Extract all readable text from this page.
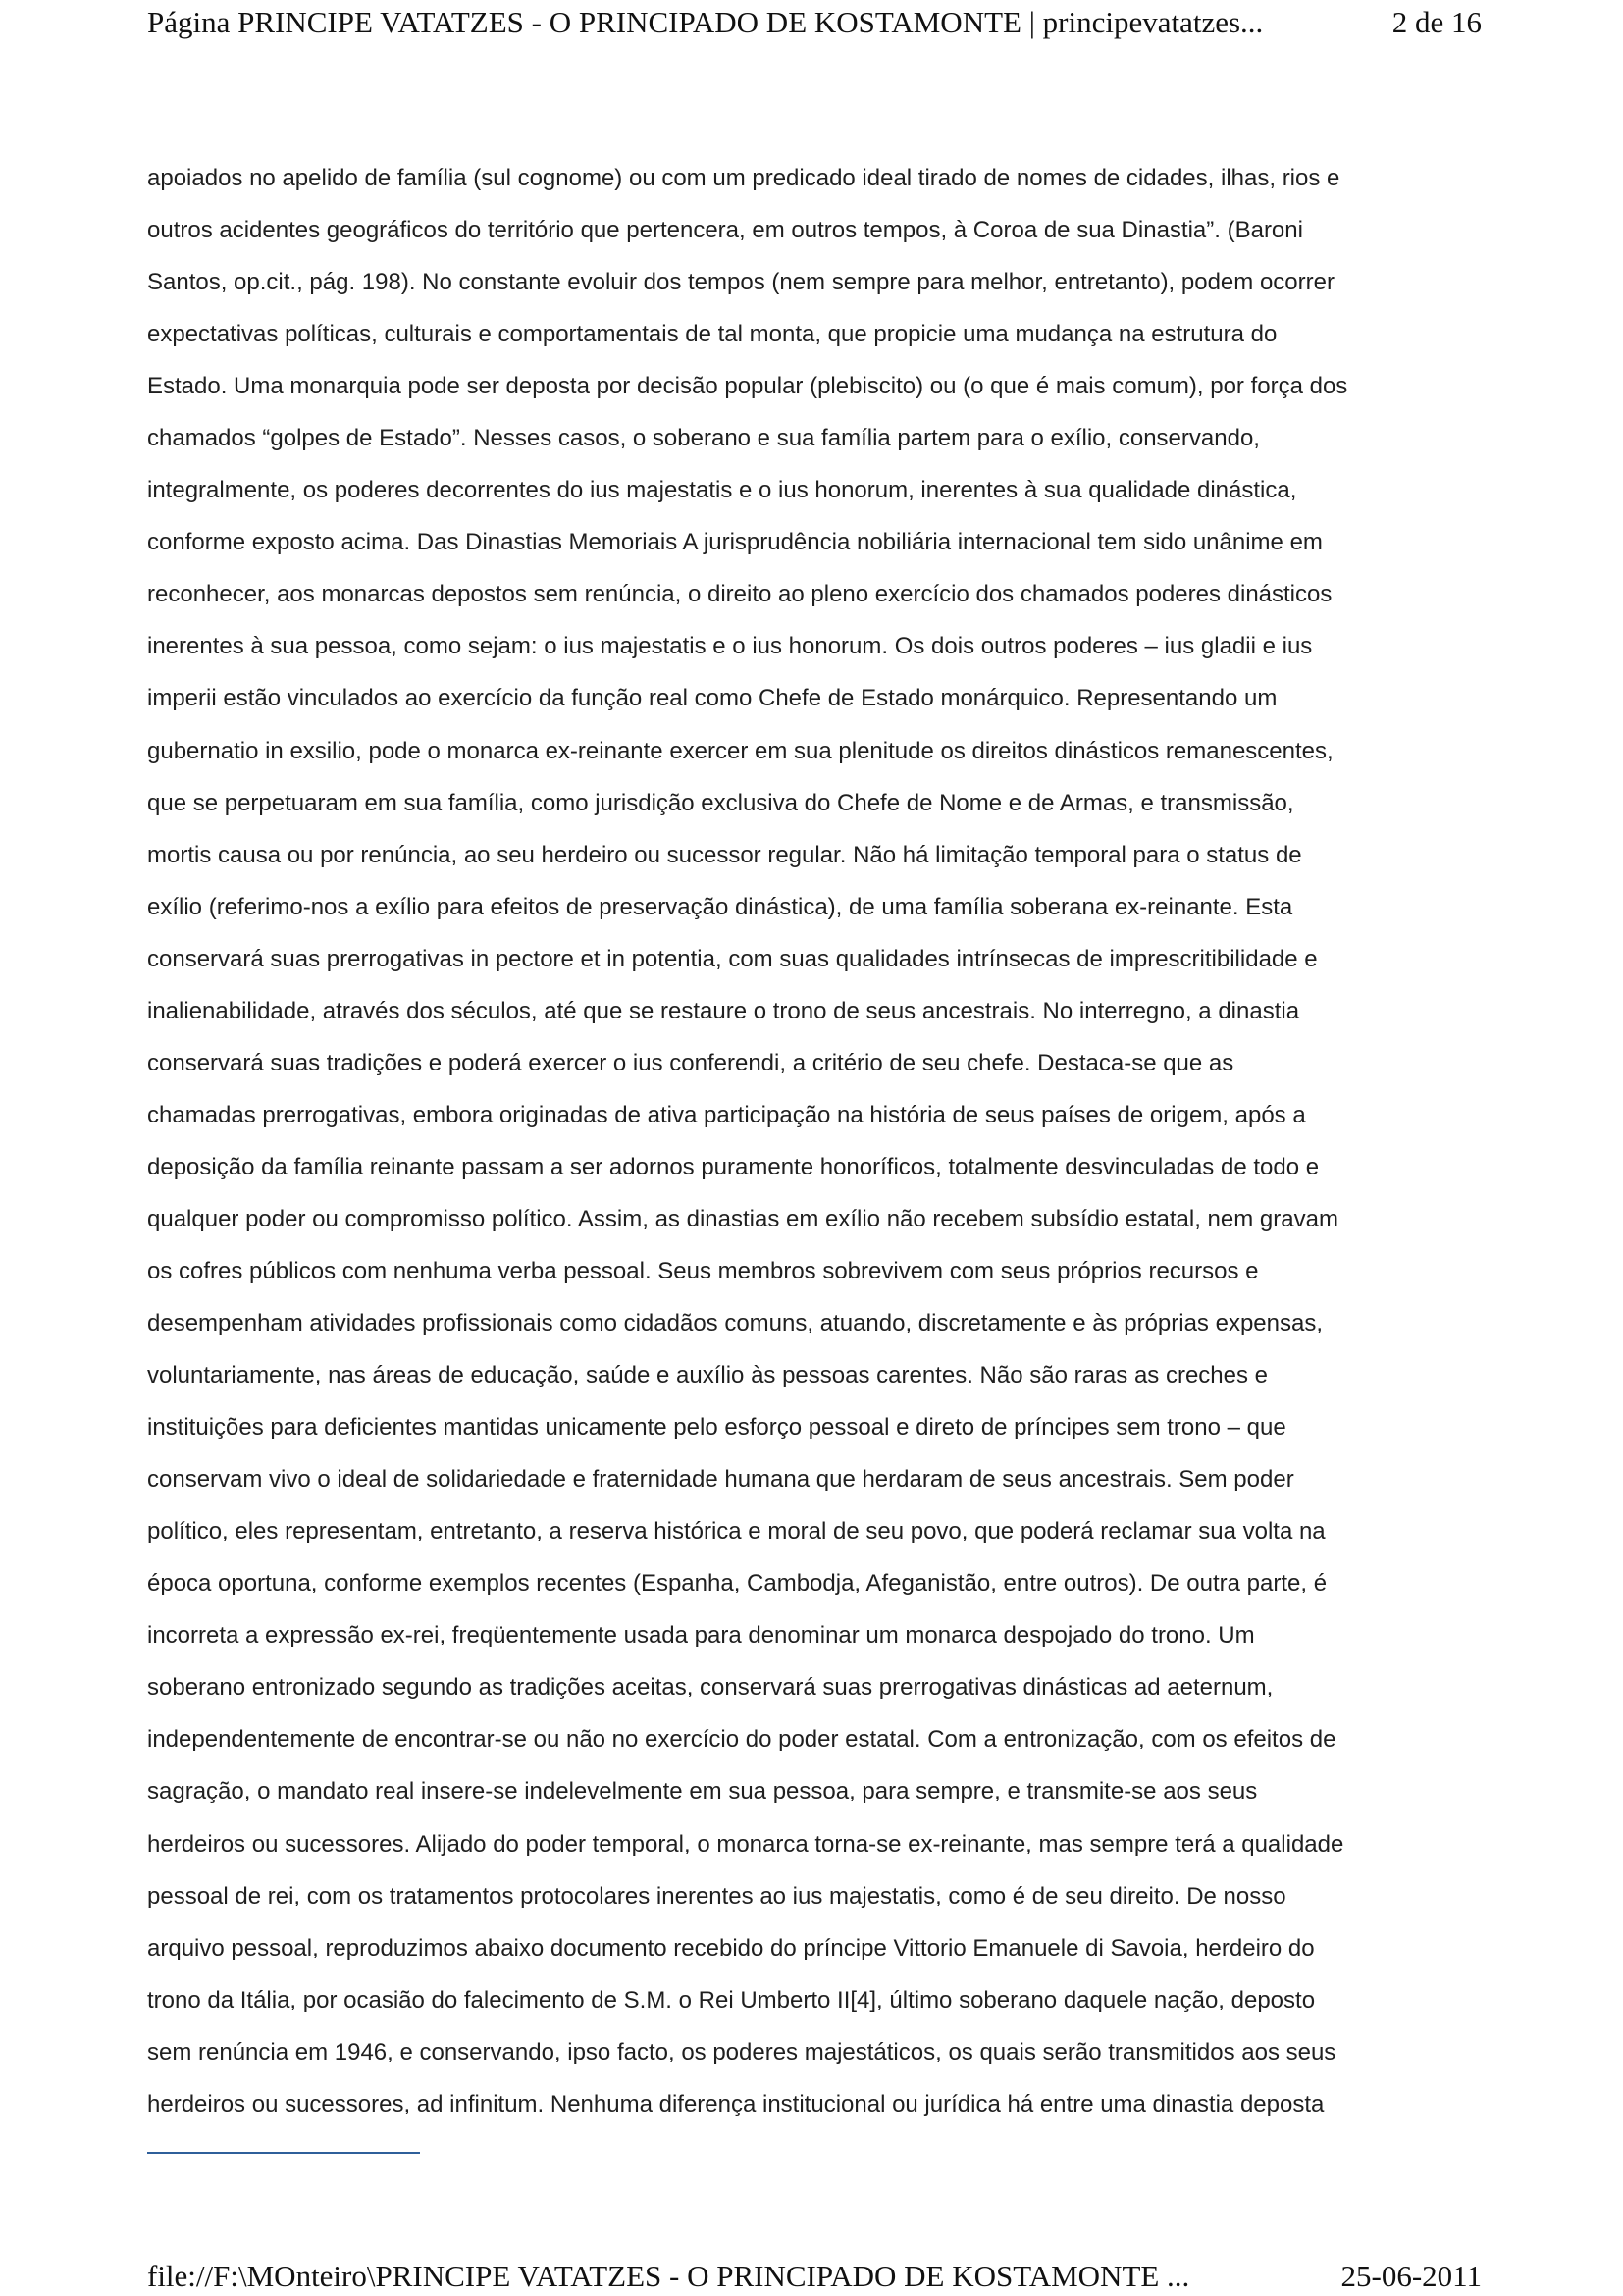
Página PRINCIPE VATATZES - O PRINCIPADO DE KOSTAMONTE | principevatatzes...	2 de 16
apoiados no apelido de família (sul cognome) ou com um predicado ideal tirado de nomes de cidades, ilhas, rios e
outros acidentes geográficos do território que pertencera, em outros tempos, à Coroa de sua Dinastia”. (Baroni
Santos, op.cit., pág. 198). No constante evoluir dos tempos (nem sempre para melhor, entretanto), podem ocorrer
expectativas políticas, culturais e comportamentais de tal monta, que propicie uma mudança na estrutura do
Estado. Uma monarquia pode ser deposta por decisão popular (plebiscito) ou (o que é mais comum), por força dos
chamados “golpes de Estado”. Nesses casos, o soberano e sua família partem para o exílio, conservando,
integralmente, os poderes decorrentes do ius majestatis e o ius honorum, inerentes à sua qualidade dinástica,
conforme exposto acima. Das Dinastias Memoriais A jurisprudência nobiliária internacional tem sido unânime em
reconhecer, aos monarcas depostos sem renúncia, o direito ao pleno exercício dos chamados poderes dinásticos
inerentes à sua pessoa, como sejam: o ius majestatis e o ius honorum. Os dois outros poderes – ius gladii e ius
imperii estão vinculados ao exercício da função real como Chefe de Estado monárquico. Representando um
gubernatio in exsilio, pode o monarca ex-reinante exercer em sua plenitude os direitos dinásticos remanescentes,
que se perpetuaram em sua família, como jurisdição exclusiva do Chefe de Nome e de Armas, e transmissão,
mortis causa ou por renúncia, ao seu herdeiro ou sucessor regular. Não há limitação temporal para o status de
exílio (referimo-nos a exílio para efeitos de preservação dinástica), de uma família soberana ex-reinante. Esta
conservará suas prerrogativas in pectore et in potentia, com suas qualidades intrínsecas de imprescritibilidade e
inalienabilidade, através dos séculos, até que se restaure o trono de seus ancestrais. No interregno, a dinastia
conservará suas tradições e poderá exercer o ius conferendi, a critério de seu chefe. Destaca-se que as
chamadas prerrogativas, embora originadas de ativa participação na história de seus países de origem, após a
deposição da família reinante passam a ser adornos puramente honoríficos, totalmente desvinculadas de todo e
qualquer poder ou compromisso político. Assim, as dinastias em exílio não recebem subsídio estatal, nem gravam
os cofres públicos com nenhuma verba pessoal. Seus membros sobrevivem com seus próprios recursos e
desempenham atividades profissionais como cidadãos comuns, atuando, discretamente e às próprias expensas,
voluntariamente, nas áreas de educação, saúde e auxílio às pessoas carentes. Não são raras as creches e
instituições para deficientes mantidas unicamente pelo esforço pessoal e direto de príncipes sem trono – que
conservam vivo o ideal de solidariedade e fraternidade humana que herdaram de seus ancestrais. Sem poder
político, eles representam, entretanto, a reserva histórica e moral de seu povo, que poderá reclamar sua volta na
época oportuna, conforme exemplos recentes (Espanha, Cambodja, Afeganistão, entre outros). De outra parte, é
incorreta a expressão ex-rei, freqüentemente usada para denominar um monarca despojado do trono. Um
soberano entronizado segundo as tradições aceitas, conservará suas prerrogativas dinásticas ad aeternum,
independentemente de encontrar-se ou não no exercício do poder estatal. Com a entronização, com os efeitos de
sagração, o mandato real insere-se indelevelmente em sua pessoa, para sempre, e transmite-se aos seus
herdeiros ou sucessores. Alijado do poder temporal, o monarca torna-se ex-reinante, mas sempre terá a qualidade
pessoal de rei, com os tratamentos protocolares inerentes ao ius majestatis, como é de seu direito. De nosso
arquivo pessoal, reproduzimos abaixo documento recebido do príncipe Vittorio Emanuele di Savoia, herdeiro do
trono da Itália, por ocasião do falecimento de S.M. o Rei Umberto II[4], último soberano daquele nação, deposto
sem renúncia em 1946, e conservando, ipso facto, os poderes majestáticos, os quais serão transmitidos aos seus
herdeiros ou sucessores, ad infinitum. Nenhuma diferença institucional ou jurídica há entre uma dinastia deposta
file://F:\MOnteiro\PRINCIPE VATATZES - O PRINCIPADO DE KOSTAMONTE ...	25-06-2011
